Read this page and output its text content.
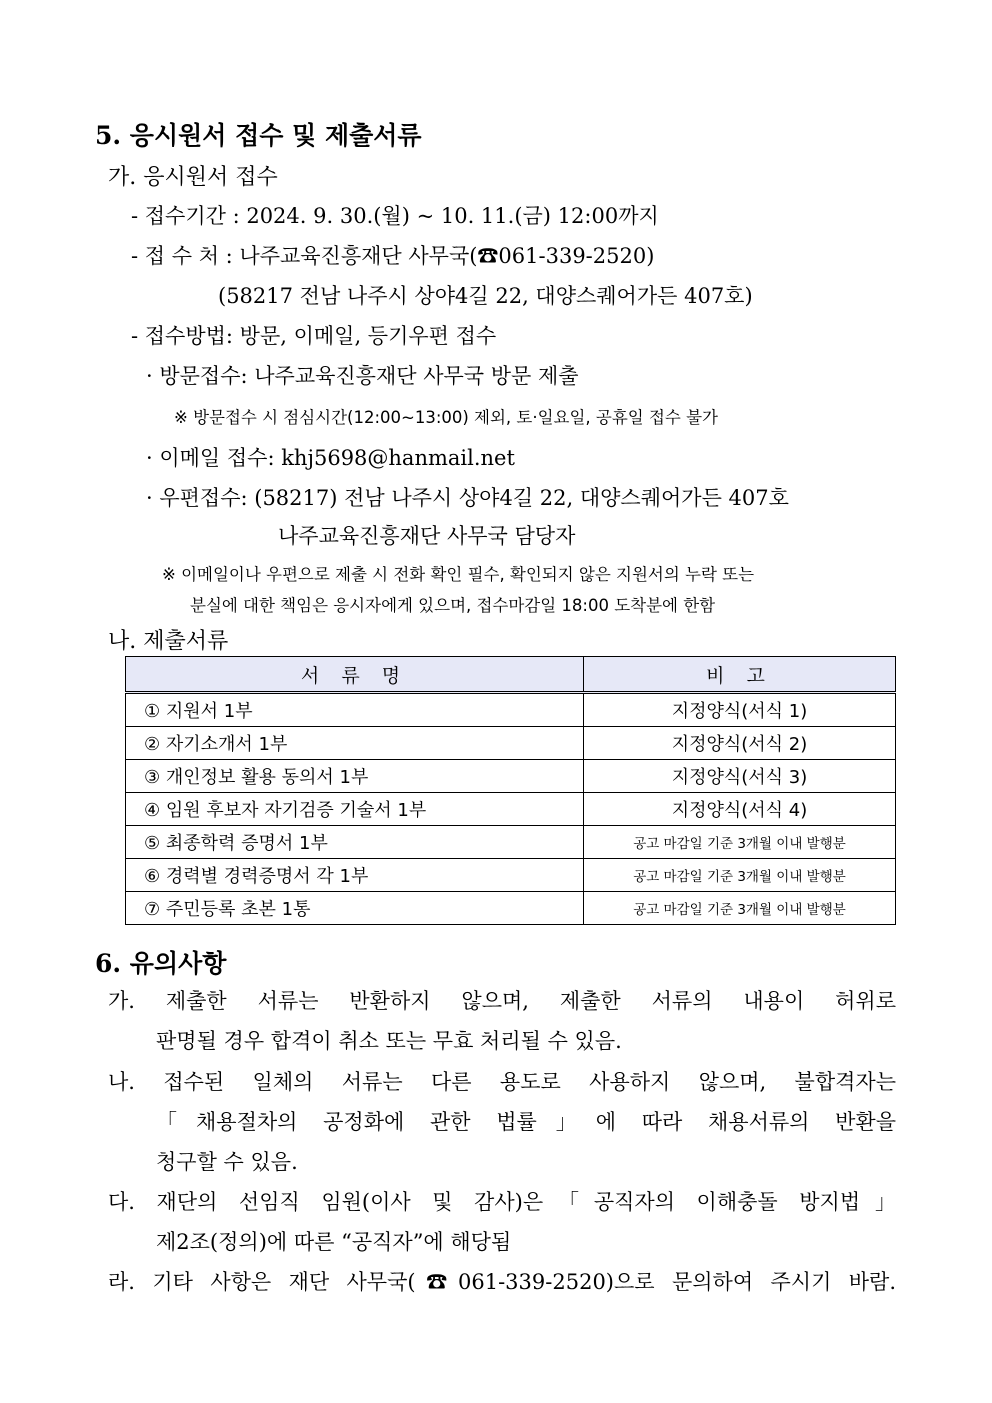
5. 응시원서 접수 및 제출서류
가. 응시원서 접수
- 접수기간 : 2024. 9. 30.(월) ~ 10. 11.(금) 12:00까지
- 접 수 처 : 나주교육진흥재단 사무국(☎061-339-2520)
(58217 전남 나주시 상야4길 22, 대양스퀘어가든 407호)
- 접수방법: 방문, 이메일, 등기우편 접수
· 방문접수: 나주교육진흥재단 사무국 방문 제출
※ 방문접수 시 점심시간(12:00~13:00) 제외, 토·일요일, 공휴일 접수 불가
· 이메일 접수: khj5698@hanmail.net
· 우편접수: (58217) 전남 나주시 상야4길 22, 대양스퀘어가든 407호
나주교육진흥재단 사무국 담당자
※ 이메일이나 우편으로 제출 시 전화 확인 필수, 확인되지 않은 지원서의 누락 또는
분실에 대한 책임은 응시자에게 있으며, 접수마감일 18:00 도착분에 한함
나. 제출서류
서 류 명	비 고
① 지원서 1부	지정양식(서식 1)
② 자기소개서 1부	지정양식(서식 2)
③ 개인정보 활용 동의서 1부	지정양식(서식 3)
④ 임원 후보자 자기검증 기술서 1부	지정양식(서식 4)
⑤ 최종학력 증명서 1부	공고 마감일 기준 3개월 이내 발행분
⑥ 경력별 경력증명서 각 1부	공고 마감일 기준 3개월 이내 발행분
⑦ 주민등록 초본 1통	공고 마감일 기준 3개월 이내 발행분
6. 유의사항
가. 제출한 서류는 반환하지 않으며, 제출한 서류의 내용이 허위로
판명될 경우 합격이 취소 또는 무효 처리될 수 있음.
나. 접수된 일체의 서류는 다른 용도로 사용하지 않으며, 불합격자는
「채용절차의 공정화에 관한 법률」에 따라 채용서류의 반환을
청구할 수 있음.
다. 재단의 선임직 임원(이사 및 감사)은「공직자의 이해충돌 방지법」
제2조(정의)에 따른 “공직자”에 해당됨
라. 기타 사항은 재단 사무국(☎061-339-2520)으로 문의하여 주시기 바람.
